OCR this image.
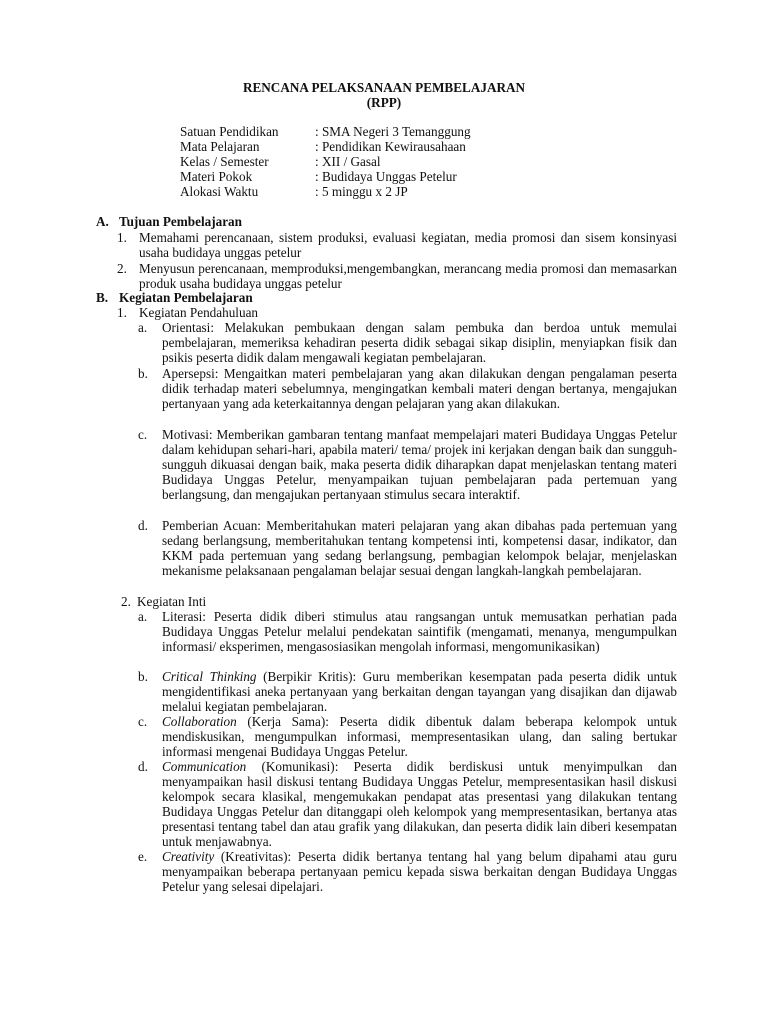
RENCANA PELAKSANAAN PEMBELAJARAN
(RPP)
Satuan Pendidikan	: SMA Negeri 3 Temanggung
Mata Pelajaran	: Pendidikan Kewirausahaan
Kelas / Semester	: XII / Gasal
Materi Pokok	: Budidaya Unggas Petelur
Alokasi Waktu	: 5 minggu x 2 JP
A. Tujuan Pembelajaran
1. Memahami perencanaan, sistem produksi, evaluasi kegiatan, media promosi dan sisem konsinyasi usaha budidaya unggas petelur
2. Menyusun perencanaan, memproduksi,mengembangkan, merancang media promosi dan memasarkan produk usaha budidaya unggas petelur
B. Kegiatan Pembelajaran
1. Kegiatan Pendahuluan
a. Orientasi: Melakukan pembukaan dengan salam pembuka dan berdoa untuk memulai pembelajaran, memeriksa kehadiran peserta didik sebagai sikap disiplin, menyiapkan fisik dan psikis peserta didik dalam mengawali kegiatan pembelajaran.
b. Apersepsi: Mengaitkan materi pembelajaran yang akan dilakukan dengan pengalaman peserta didik terhadap materi sebelumnya, mengingatkan kembali materi dengan bertanya, mengajukan pertanyaan yang ada keterkaitannya dengan pelajaran yang akan dilakukan.
c. Motivasi: Memberikan gambaran tentang manfaat mempelajari materi Budidaya Unggas Petelur dalam kehidupan sehari-hari, apabila materi/ tema/ projek ini kerjakan dengan baik dan sungguh-sungguh dikuasai dengan baik, maka peserta didik diharapkan dapat menjelaskan tentang materi Budidaya Unggas Petelur, menyampaikan tujuan pembelajaran pada pertemuan yang berlangsung, dan mengajukan pertanyaan stimulus secara interaktif.
d. Pemberian Acuan: Memberitahukan materi pelajaran yang akan dibahas pada pertemuan yang sedang berlangsung, memberitahukan tentang kompetensi inti, kompetensi dasar, indikator, dan KKM pada pertemuan yang sedang berlangsung, pembagian kelompok belajar, menjelaskan mekanisme pelaksanaan pengalaman belajar sesuai dengan langkah-langkah pembelajaran.
2. Kegiatan Inti
a. Literasi: Peserta didik diberi stimulus atau rangsangan untuk memusatkan perhatian pada Budidaya Unggas Petelur melalui pendekatan saintifik (mengamati, menanya, mengumpulkan informasi/ eksperimen, mengasosiasikan mengolah informasi, mengomunikasikan)
b. Critical Thinking (Berpikir Kritis): Guru memberikan kesempatan pada peserta didik untuk mengidentifikasi aneka pertanyaan yang berkaitan dengan tayangan yang disajikan dan dijawab melalui kegiatan pembelajaran.
c. Collaboration (Kerja Sama): Peserta didik dibentuk dalam beberapa kelompok untuk mendiskusikan, mengumpulkan informasi, mempresentasikan ulang, dan saling bertukar informasi mengenai Budidaya Unggas Petelur.
d. Communication (Komunikasi): Peserta didik berdiskusi untuk menyimpulkan dan menyampaikan hasil diskusi tentang Budidaya Unggas Petelur, mempresentasikan hasil diskusi kelompok secara klasikal, mengemukakan pendapat atas presentasi yang dilakukan tentang Budidaya Unggas Petelur dan ditanggapi oleh kelompok yang mempresentasikan, bertanya atas presentasi tentang tabel dan atau grafik yang dilakukan, dan peserta didik lain diberi kesempatan untuk menjawabnya.
e. Creativity (Kreativitas): Peserta didik bertanya tentang hal yang belum dipahami atau guru menyampaikan beberapa pertanyaan pemicu kepada siswa berkaitan dengan Budidaya Unggas Petelur yang selesai dipelajari.
